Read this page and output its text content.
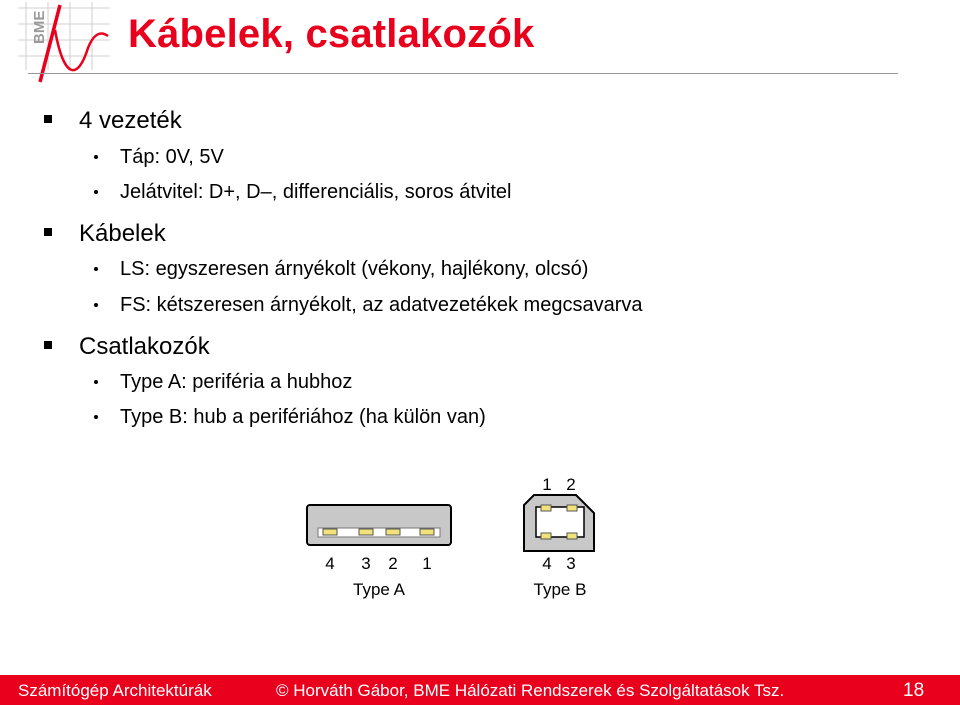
BME Kábelek, csatlakozók
4 vezeték
Táp: 0V, 5V
Jelátvitel: D+, D–, differenciális, soros átvitel
Kábelek
LS: egyszeresen árnyékolt (vékony, hajlékony, olcsó)
FS: kétszeresen árnyékolt, az adatvezetékek megcsavarva
Csatlakozók
Type A: periféria a hubhoz
Type B: hub a perifériához (ha külön van)
4 3 2 1
Type A
1 2
4 3
Type B
Számítógép Architektúrák	© Horváth Gábor, BME Hálózati Rendszerek és Szolgáltatások Tsz.	18
